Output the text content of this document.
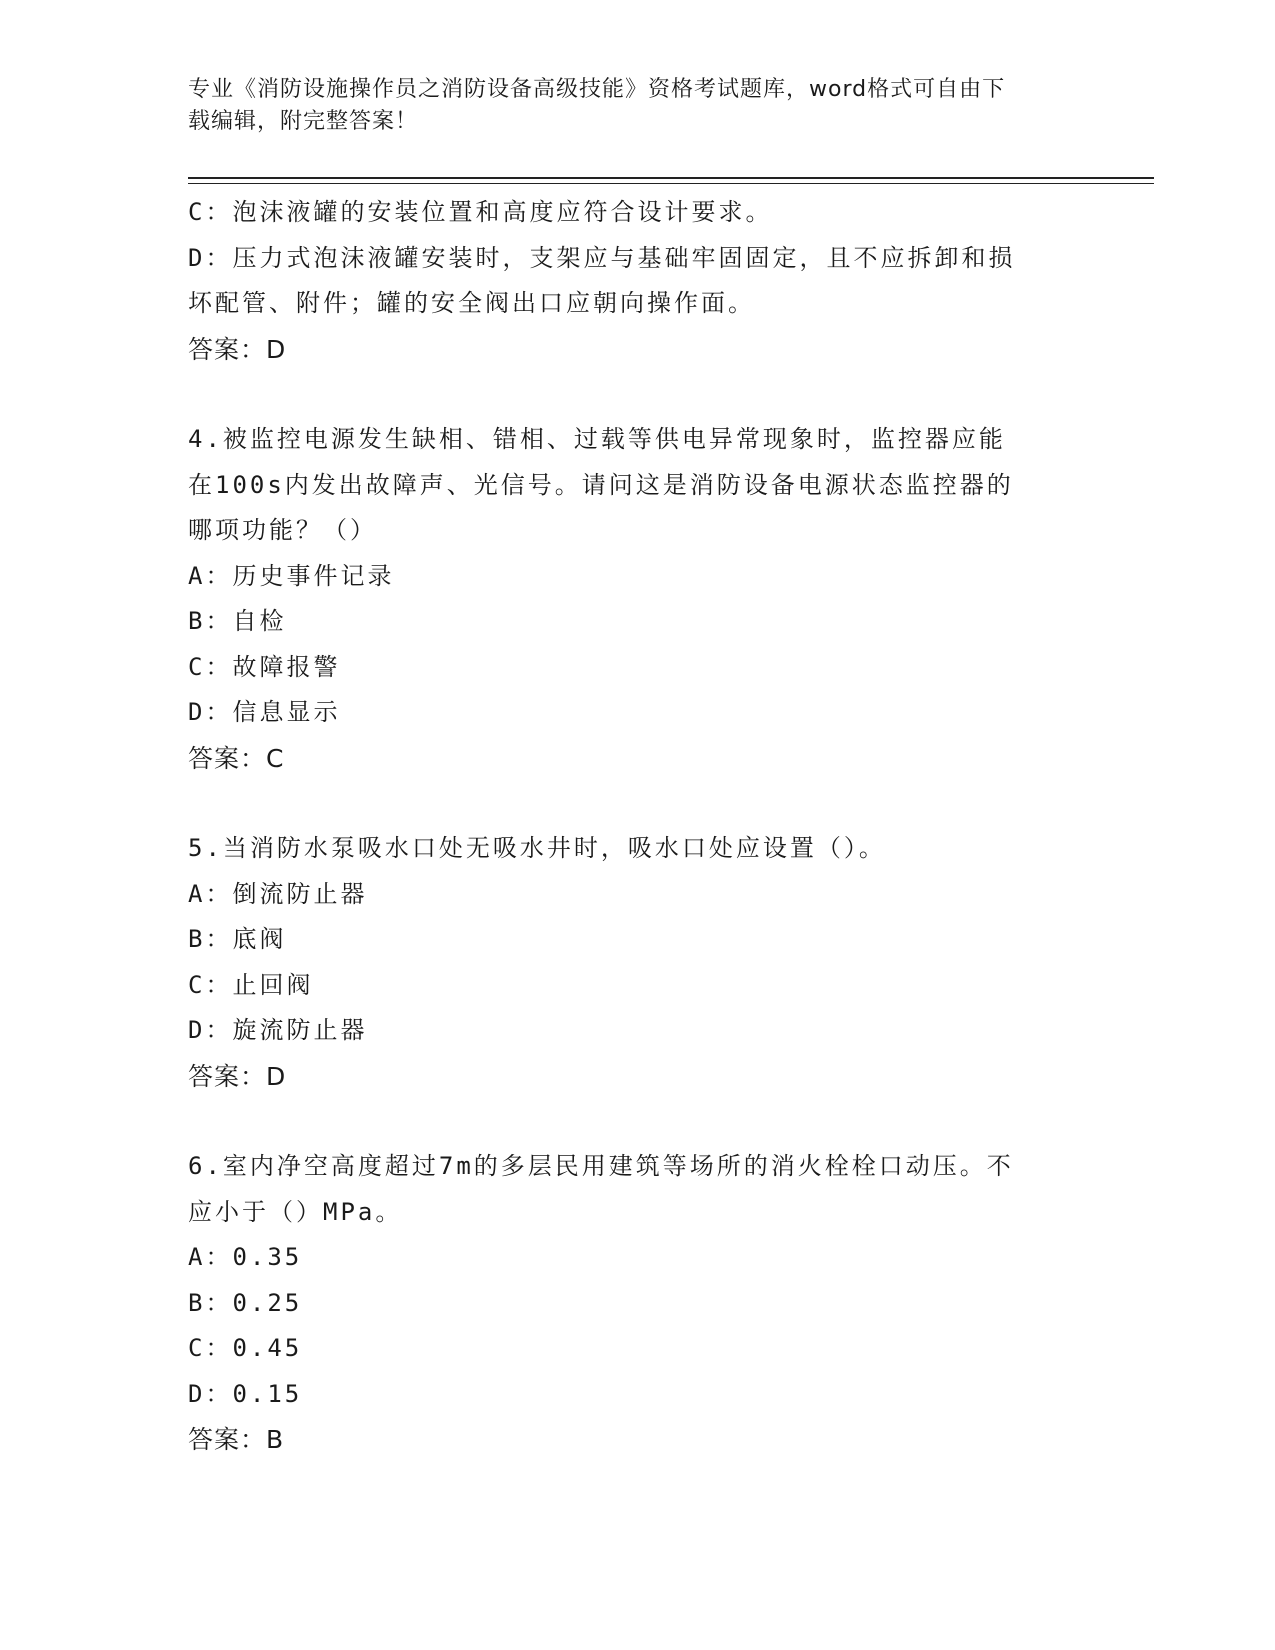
专业《消防设施操作员之消防设备高级技能》资格考试题库，word格式可自由下
载编辑，附完整答案！
C：泡沫液罐的安装位置和高度应符合设计要求。
D：压力式泡沫液罐安装时，支架应与基础牢固固定，且不应拆卸和损
坏配管、附件；罐的安全阀出口应朝向操作面。
答案：D
4.被监控电源发生缺相、错相、过载等供电异常现象时，监控器应能
在100s内发出故障声、光信号。请问这是消防设备电源状态监控器的
哪项功能？（）
A：历史事件记录
B：自检
C：故障报警
D：信息显示
答案：C
5.当消防水泵吸水口处无吸水井时，吸水口处应设置（）。
A：倒流防止器
B：底阀
C：止回阀
D：旋流防止器
答案：D
6.室内净空高度超过7m的多层民用建筑等场所的消火栓栓口动压。不
应小于（）MPa。
A：0.35
B：0.25
C：0.45
D：0.15
答案：B
